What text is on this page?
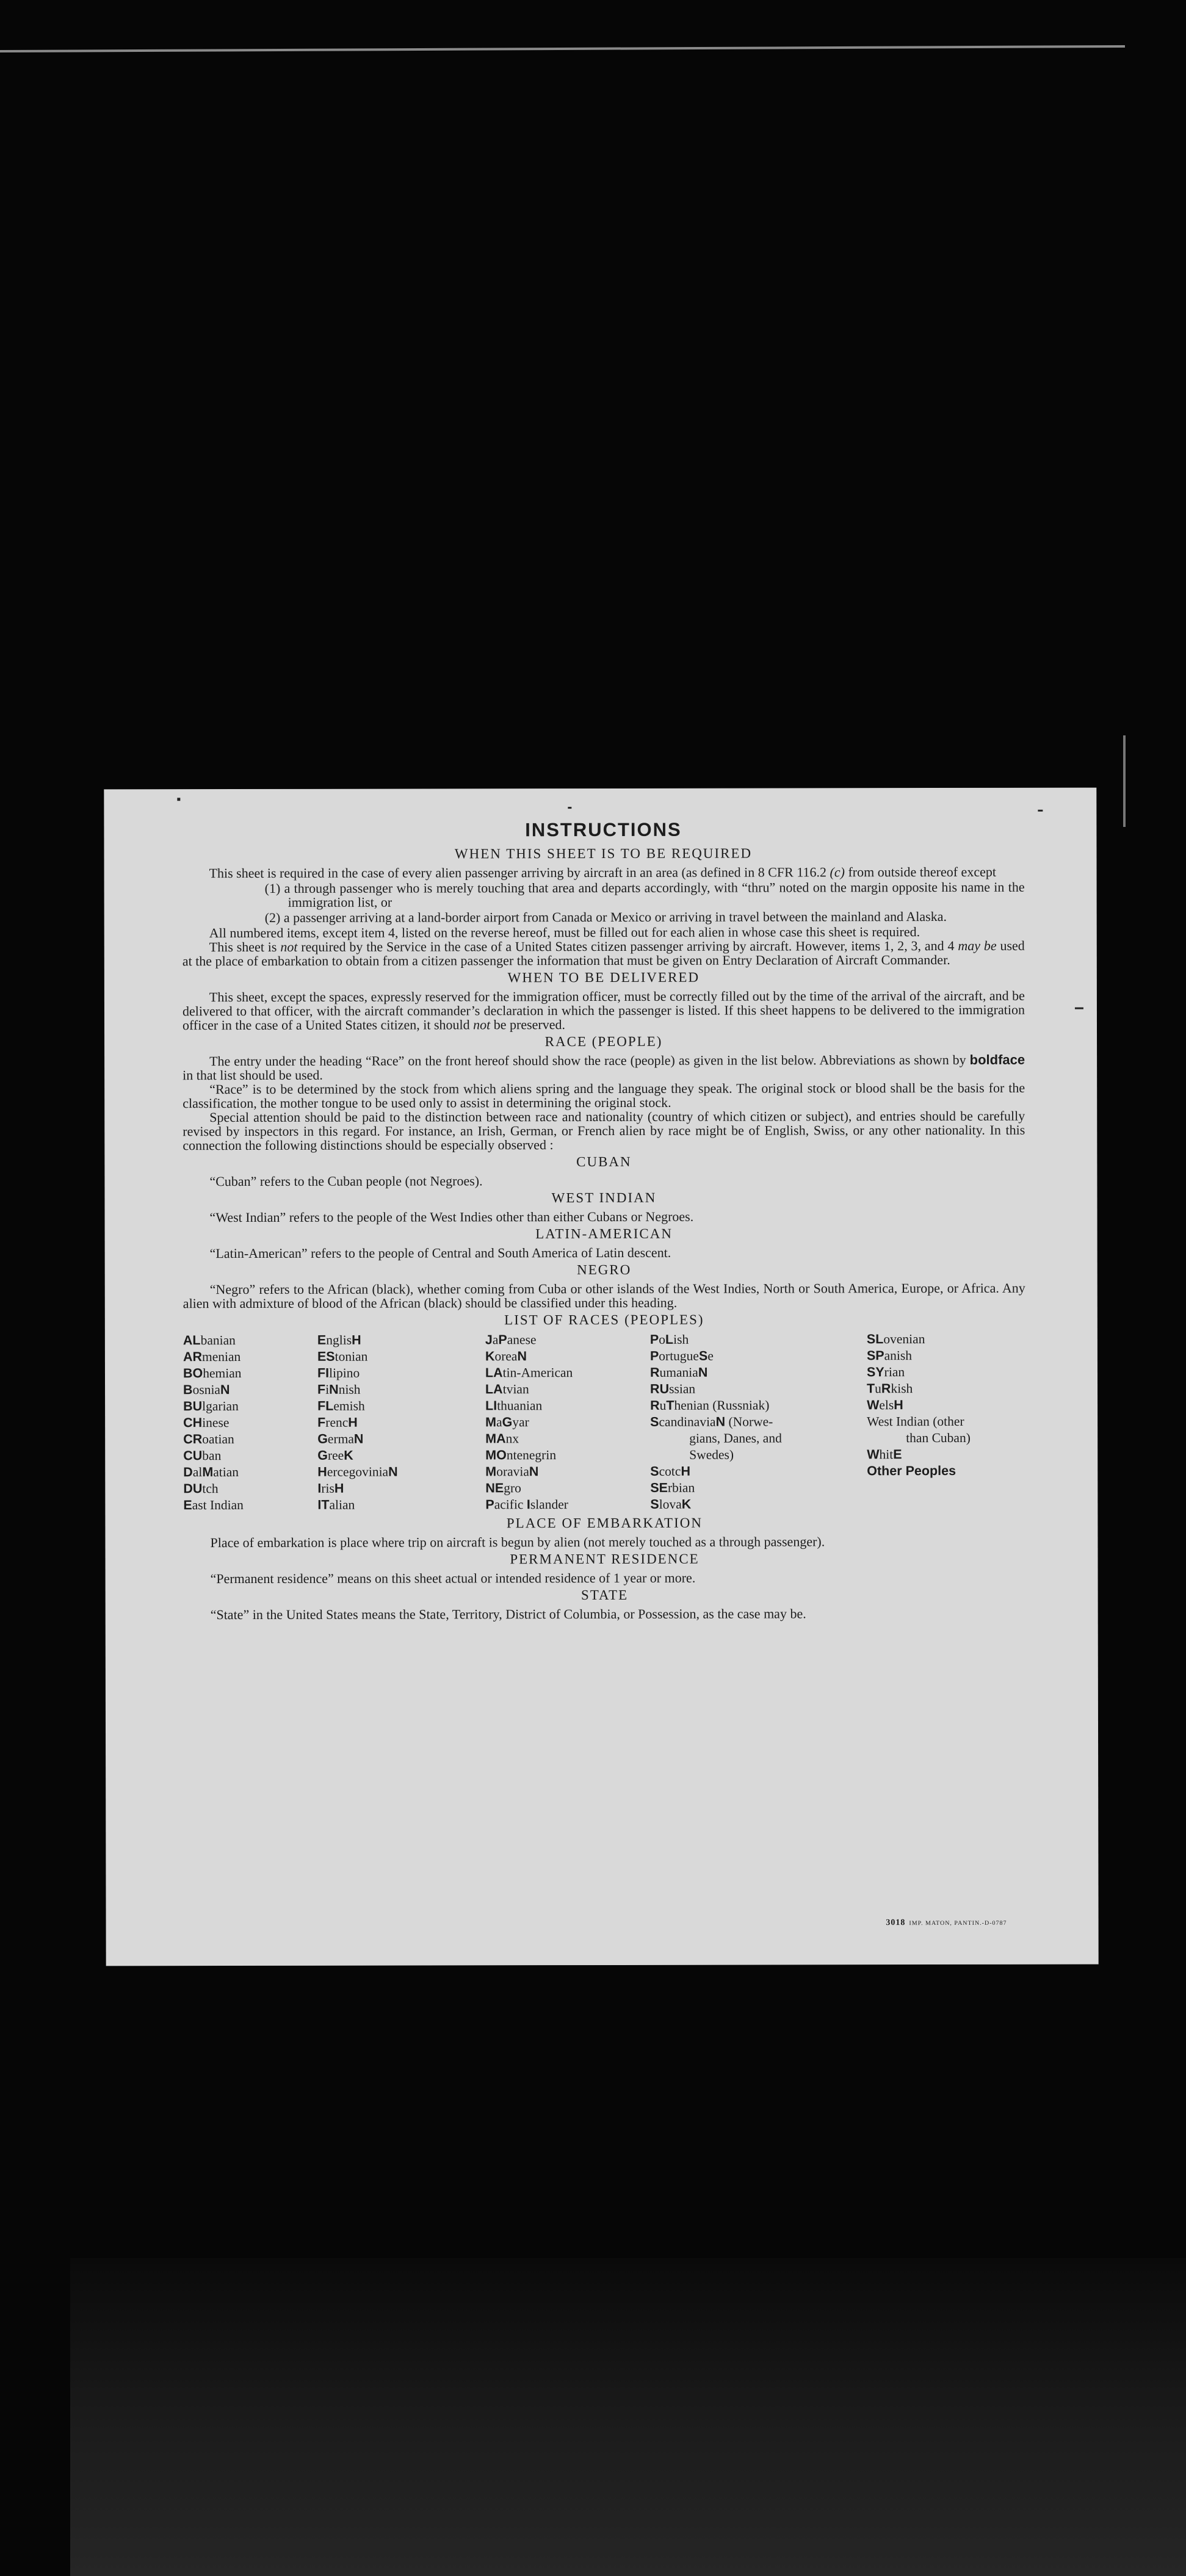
INSTRUCTIONS
WHEN THIS SHEET IS TO BE REQUIRED

This sheet is required in the case of every alien passenger arriving by aircraft in an area (as defined in 8 CFR 116.2 (c) from outside thereof except

(1) a through passenger who is merely touching that area and departs accordingly, with “thru” noted on the margin opposite his name in the immigration list, or
(2) a passenger arriving at a land-border airport from Canada or Mexico or arriving in travel between the mainland and Alaska.

All numbered items, except item 4, listed on the reverse hereof, must be filled out for each alien in whose case this sheet is required.

This sheet is not required by the Service in the case of a United States citizen passenger arriving by aircraft. However, items 1, 2, 3, and 4 may be used at the place of embarkation to obtain from a citizen passenger the information that must be given on Entry Declaration of Aircraft Commander.

WHEN TO BE DELIVERED

This sheet, except the spaces, expressly reserved for the immigration officer, must be correctly filled out by the time of the arrival of the aircraft, and be delivered to that officer, with the aircraft commander’s declaration in which the passenger is listed. If this sheet happens to be delivered to the immigration officer in the case of a United States citizen, it should not be preserved.

RACE (PEOPLE)

The entry under the heading “Race” on the front hereof should show the race (people) as given in the list below. Abbreviations as shown by boldface in that list should be used.

“Race” is to be determined by the stock from which aliens spring and the language they speak. The original stock or blood shall be the basis for the classification, the mother tongue to be used only to assist in determining the original stock.

Special attention should be paid to the distinction between race and nationality (country of which citizen or subject), and entries should be carefully revised by inspectors in this regard. For instance, an Irish, German, or French alien by race might be of English, Swiss, or any other nationality. In this connection the following distinctions should be especially observed :

CUBAN

“Cuban” refers to the Cuban people (not Negroes).

WEST INDIAN

“West Indian” refers to the people of the West Indies other than either Cubans or Negroes.

LATIN-AMERICAN

“Latin-American” refers to the people of Central and South America of Latin descent.

NEGRO

“Negro” refers to the African (black), whether coming from Cuba or other islands of the West Indies, North or South America, Europe, or Africa. Any alien with admixture of blood of the African (black) should be classified under this heading.

LIST OF RACES (PEOPLES)
ALbanian
ARmenian
BOhemian
BosniaN
BUlgarian
CHinese
CRoatian
CUban
DalMatian
DUtch
East Indian
EnglisH
EStonian
FIlipino
FiNnish
FLemish
FrencH
GermaN
GreeK
HercegoviniaN
IrisH
ITalian
JaPanese
KoreaN
LAtin-American
LAtvian
LIthuanian
MaGyar
MAnx
MOntenegrin
MoraviaN
NEgro
Pacific Islander
PoLish
PortugueSe
RumaniaN
RUssian
RuThenian (Russniak)
ScandinaviaN (Norwe-
gians, Danes, and
Swedes)
ScotcH
SErbian
SlovaK
SLovenian
SPanish
SYrian
TuRkish
WelsH
West Indian (other
than Cuban)
WhitE
Other Peoples
PLACE OF EMBARKATION

Place of embarkation is place where trip on aircraft is begun by alien (not merely touched as a through passenger).

PERMANENT RESIDENCE

“Permanent residence” means on this sheet actual or intended residence of 1 year or more.

STATE

“State” in the United States means the State, Territory, District of Columbia, or Possession, as the case may be.

3018 IMP. MATON, PANTIN.-D-0787
